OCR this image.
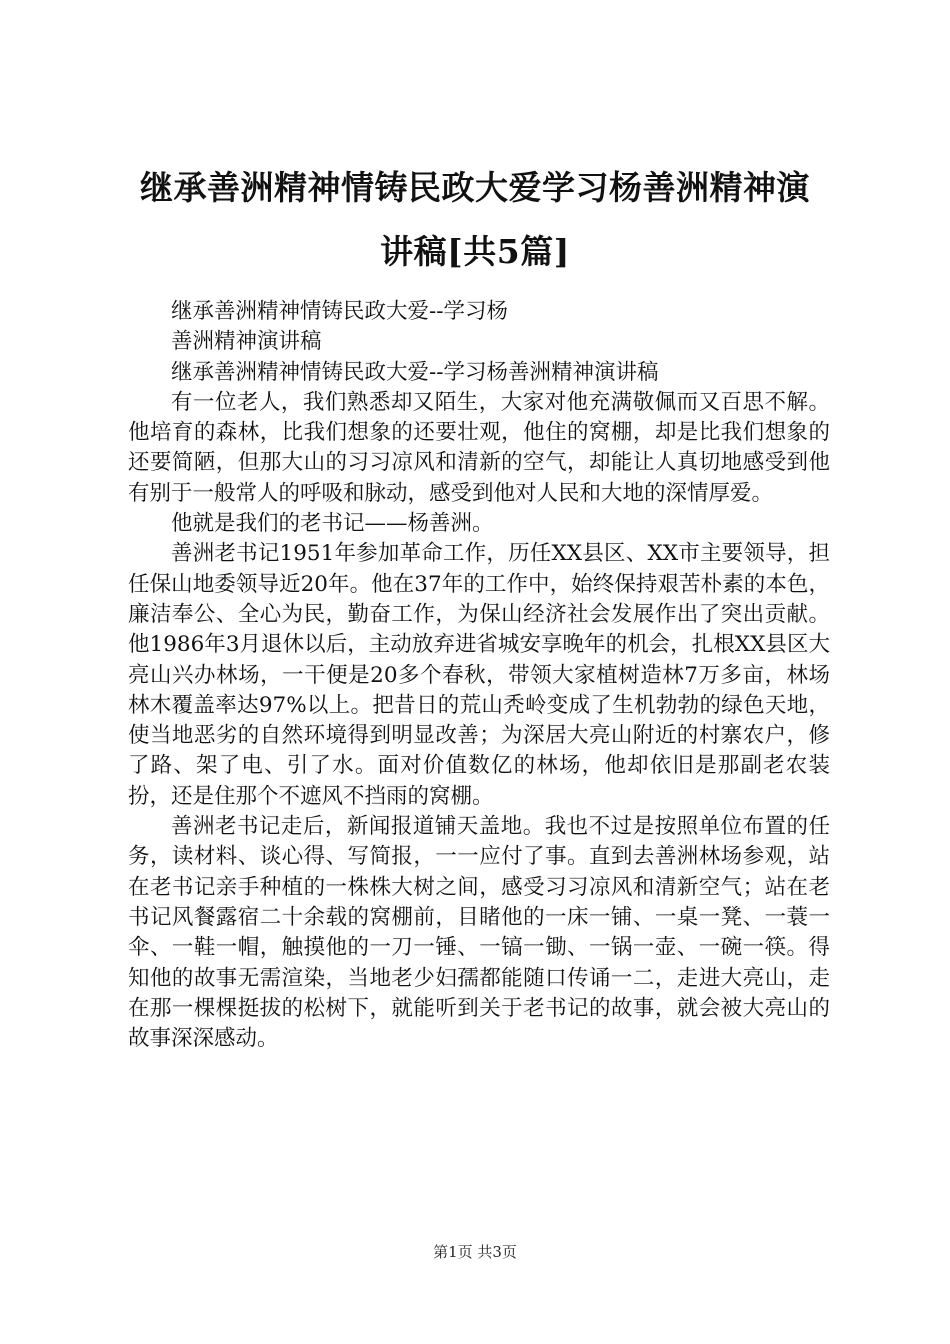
继承善洲精神情铸民政大爱学习杨善洲精神演
讲稿[共5篇]

继承善洲精神情铸民政大爱--学习杨

善洲精神演讲稿

继承善洲精神情铸民政大爱--学习杨善洲精神演讲稿

有一位老人，我们熟悉却又陌生，大家对他充满敬佩而又百思不解。他培育的森林，比我们想象的还要壮观，他住的窝棚，却是比我们想象的还要简陋，但那大山的习习凉风和清新的空气，却能让人真切地感受到他有别于一般常人的呼吸和脉动，感受到他对人民和大地的深情厚爱。

他就是我们的老书记——杨善洲。

善洲老书记1951年参加革命工作，历任XX县区、XX市主要领导，担任保山地委领导近20年。他在37年的工作中，始终保持艰苦朴素的本色，廉洁奉公、全心为民，勤奋工作，为保山经济社会发展作出了突出贡献。他1986年3月退休以后，主动放弃进省城安享晚年的机会，扎根XX县区大亮山兴办林场，一干便是20多个春秋，带领大家植树造林7万多亩，林场林木覆盖率达97%以上。把昔日的荒山秃岭变成了生机勃勃的绿色天地，使当地恶劣的自然环境得到明显改善；为深居大亮山附近的村寨农户，修了路、架了电、引了水。面对价值数亿的林场，他却依旧是那副老农装扮，还是住那个不遮风不挡雨的窝棚。

善洲老书记走后，新闻报道铺天盖地。我也不过是按照单位布置的任务，读材料、谈心得、写简报，一一应付了事。直到去善洲林场参观，站在老书记亲手种植的一株株大树之间，感受习习凉风和清新空气；站在老书记风餐露宿二十余载的窝棚前，目睹他的一床一铺、一桌一凳、一蓑一伞、一鞋一帽，触摸他的一刀一锤、一镐一锄、一锅一壶、一碗一筷。得知他的故事无需渲染，当地老少妇孺都能随口传诵一二，走进大亮山，走在那一棵棵挺拔的松树下，就能听到关于老书记的故事，就会被大亮山的故事深深感动。

第1页 共3页
